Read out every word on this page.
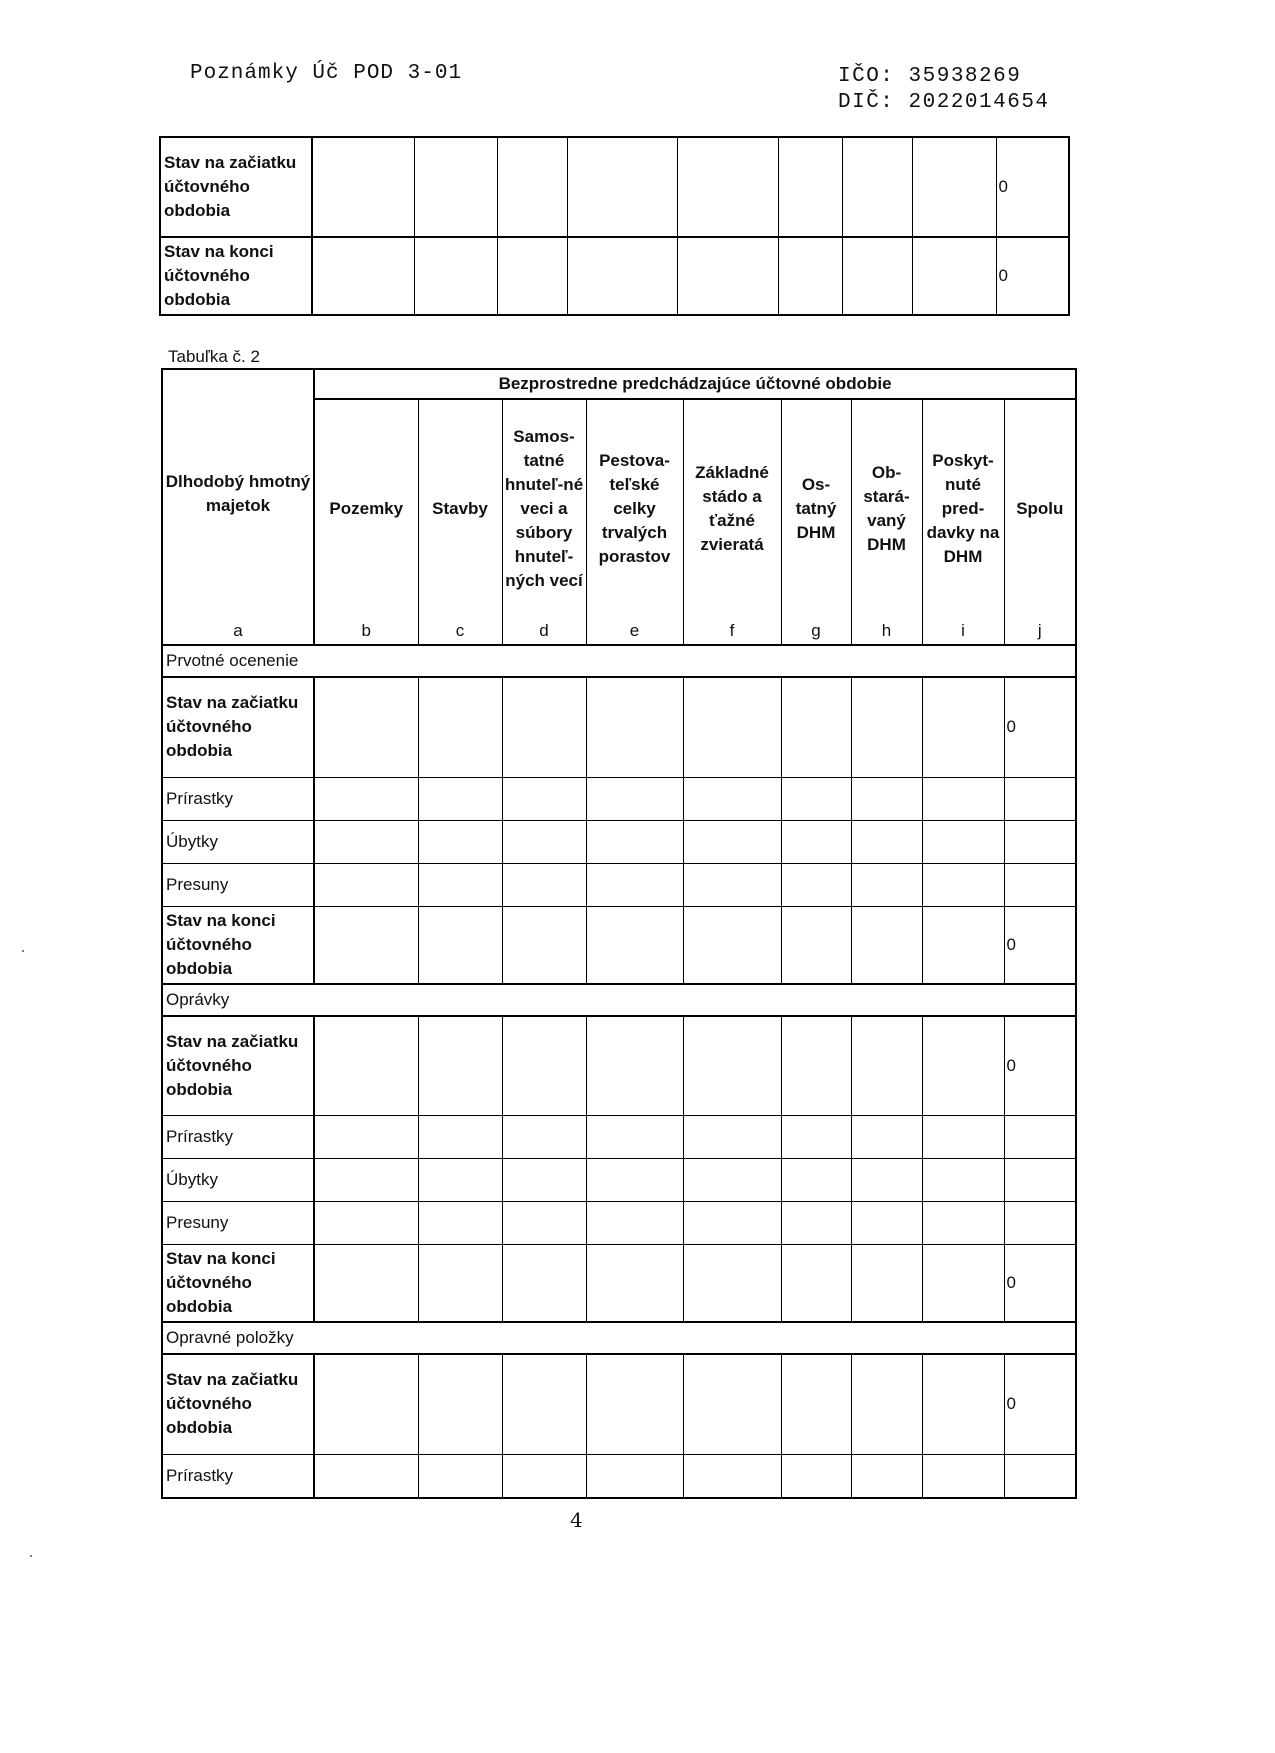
Poznámky Úč POD 3-01	IČO: 35938269
DIČ: 2022014654
Stav na začiatku účtovného obdobia									0
Stav na konci účtovného obdobia									0
Tabuľka č. 2
Dlhodobý hmotný majetok	Bezprostredne predchádzajúce účtovné obdobie								
	Pozemky	Stavby	Samos-tatné hnuteľ-né veci a súbory hnuteľ-ných vecí	Pestova-teľské celky trvalých porastov	Základné stádo a ťažné zvieratá	Os-tatný DHM	Ob-stará-vaný DHM	Poskyt-nuté pred-davky na DHM	Spolu
a	b	c	d	e	f	g	h	i	j
Prvotné ocenenie									
Stav na začiatku účtovného obdobia									0
Prírastky									
Úbytky									
Presuny									
Stav na konci účtovného obdobia									0
Oprávky									
Stav na začiatku účtovného obdobia									0
Prírastky									
Úbytky									
Presuny									
Stav na konci účtovného obdobia									0
Opravné položky									
Stav na začiatku účtovného obdobia									0
Prírastky									
4
